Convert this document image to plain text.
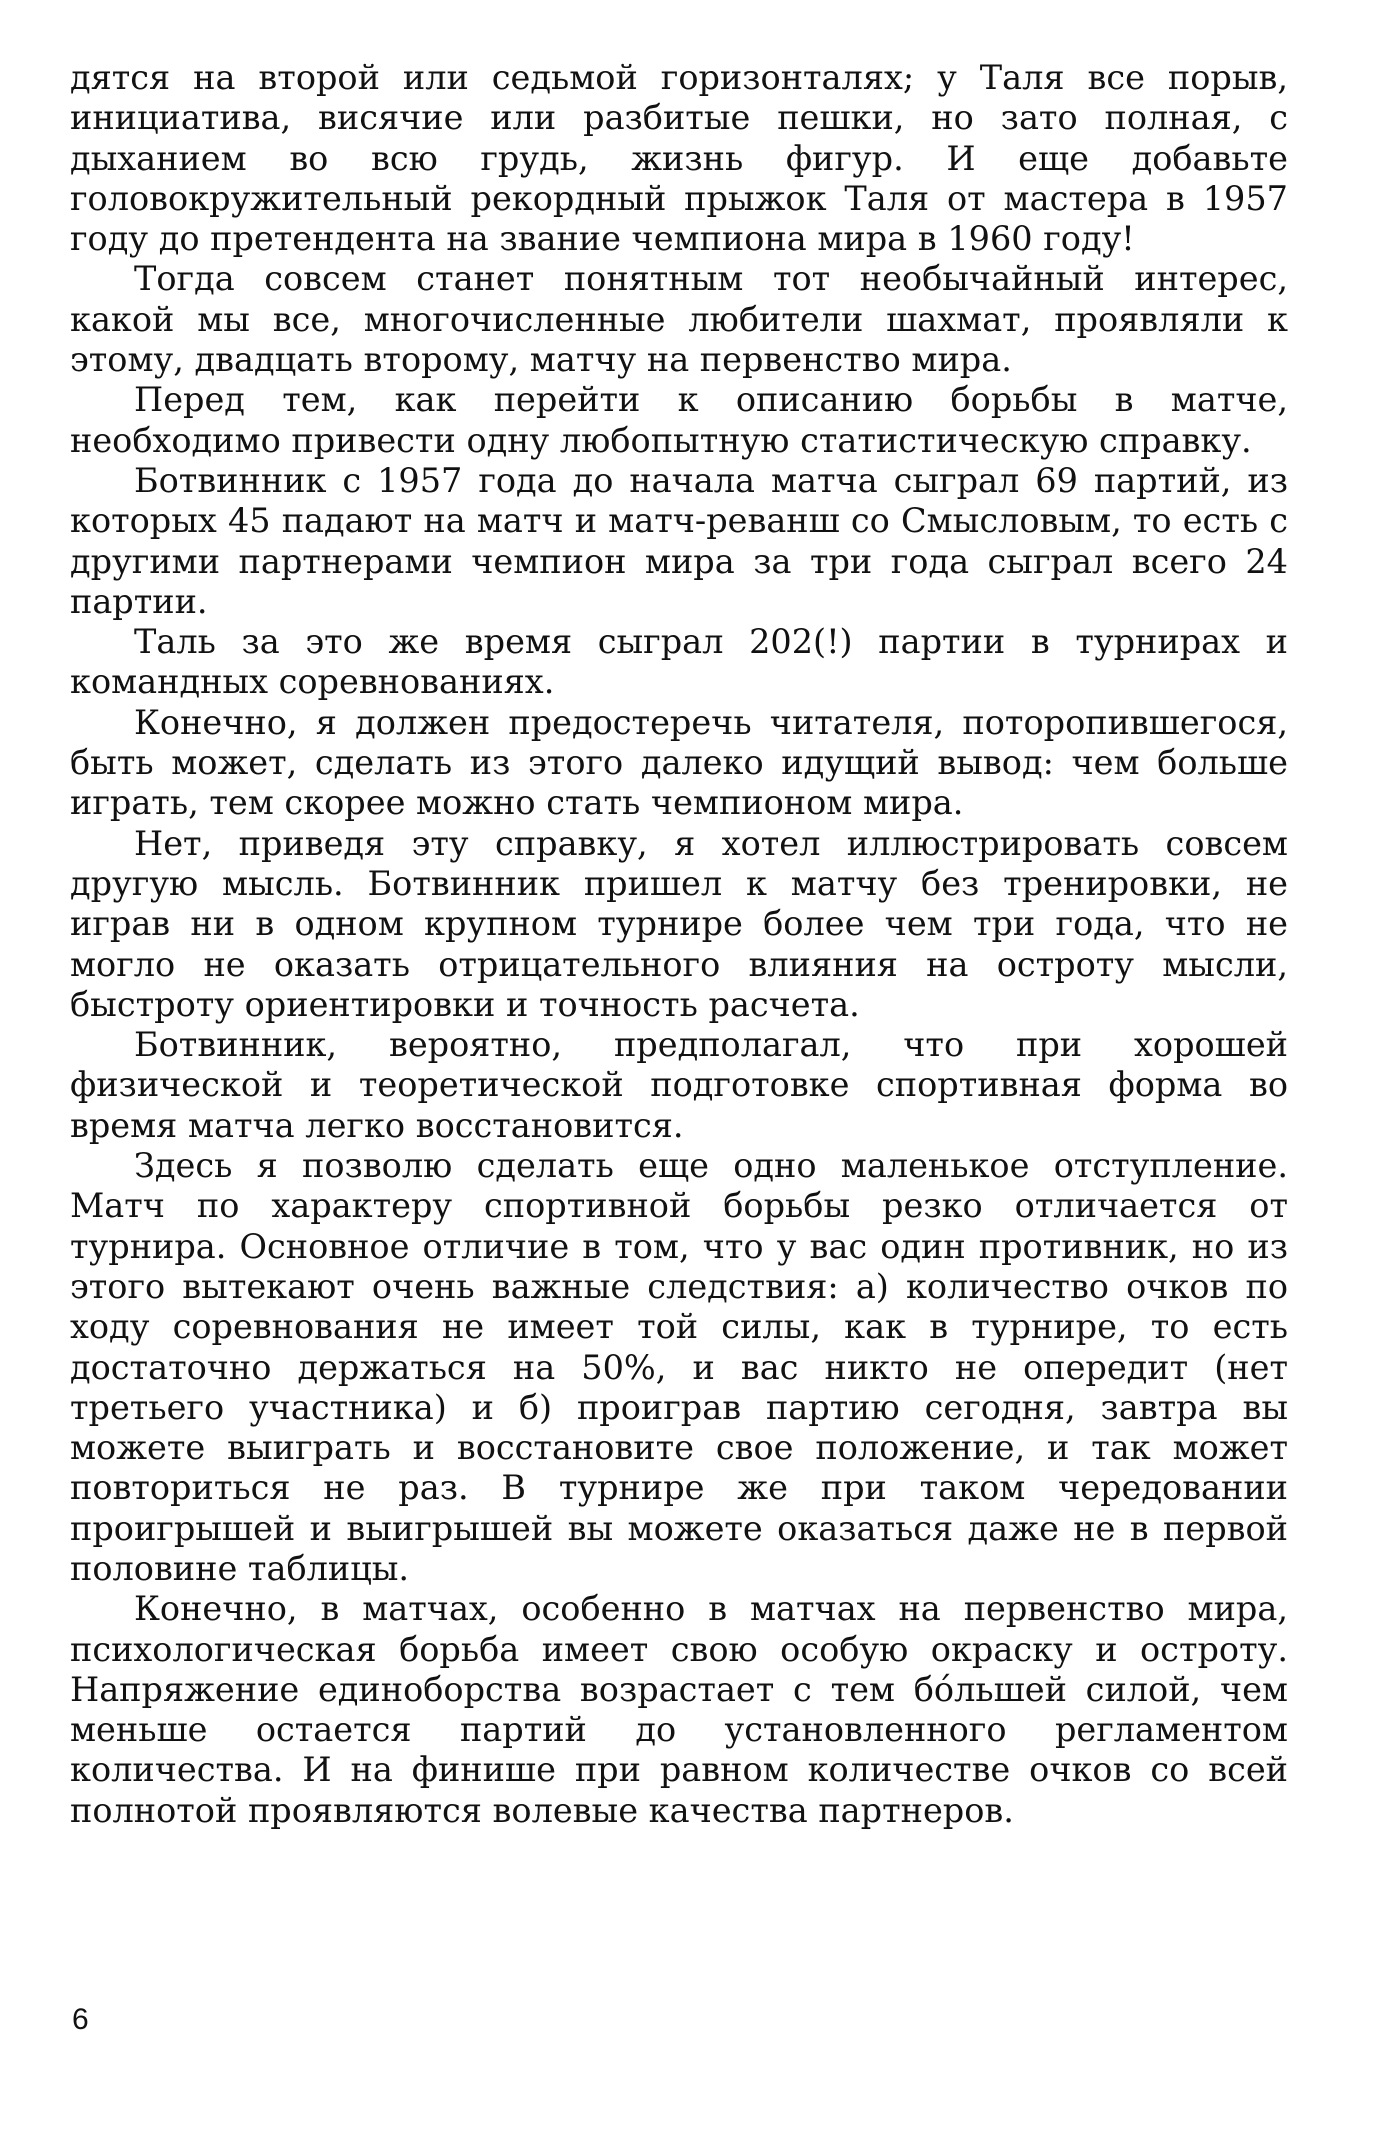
дятся на второй или седьмой горизонталях; у Таля все порыв, инициатива, висячие или разбитые пешки, но зато полная, с дыханием во всю грудь, жизнь фигур. И еще добавьте головокружительный рекордный прыжок Таля от мастера в 1957 году до претендента на звание чемпиона мира в 1960 году!

Тогда совсем станет понятным тот необычайный интерес, какой мы все, многочисленные любители шахмат, проявляли к этому, двадцать второму, матчу на первенство мира.

Перед тем, как перейти к описанию борьбы в матче, необходимо привести одну любопытную статистическую справку.

Ботвинник с 1957 года до начала матча сыграл 69 партий, из которых 45 падают на матч и матч-реванш со Смысловым, то есть с другими партнерами чемпион мира за три года сыграл всего 24 партии.

Таль за это же время сыграл 202(!) партии в турнирах и командных соревнованиях.

Конечно, я должен предостеречь читателя, поторопившегося, быть может, сделать из этого далеко идущий вывод: чем больше играть, тем скорее можно стать чемпионом мира.

Нет, приведя эту справку, я хотел иллюстрировать совсем другую мысль. Ботвинник пришел к матчу без тренировки, не играв ни в одном крупном турнире более чем три года, что не могло не оказать отрицательного влияния на остроту мысли, быстроту ориентировки и точность расчета.

Ботвинник, вероятно, предполагал, что при хорошей физической и теоретической подготовке спортивная форма во время матча легко восстановится.

Здесь я позволю сделать еще одно маленькое отступление. Матч по характеру спортивной борьбы резко отличается от турнира. Основное отличие в том, что у вас один противник, но из этого вытекают очень важные следствия: а) количество очков по ходу соревнования не имеет той силы, как в турнире, то есть достаточно держаться на 50%, и вас никто не опередит (нет третьего участника) и б) проиграв партию сегодня, завтра вы можете выиграть и восстановите свое положение, и так может повториться не раз. В турнире же при таком чередовании проигрышей и выигрышей вы можете оказаться даже не в первой половине таблицы.

Конечно, в матчах, особенно в матчах на первенство мира, психологическая борьба имеет свою особую окраску и остроту. Напряжение единоборства возрастает с тем бо́льшей силой, чем меньше остается партий до установленного регламентом количества. И на финише при равном количестве очков со всей полнотой проявляются волевые качества партнеров.

6
